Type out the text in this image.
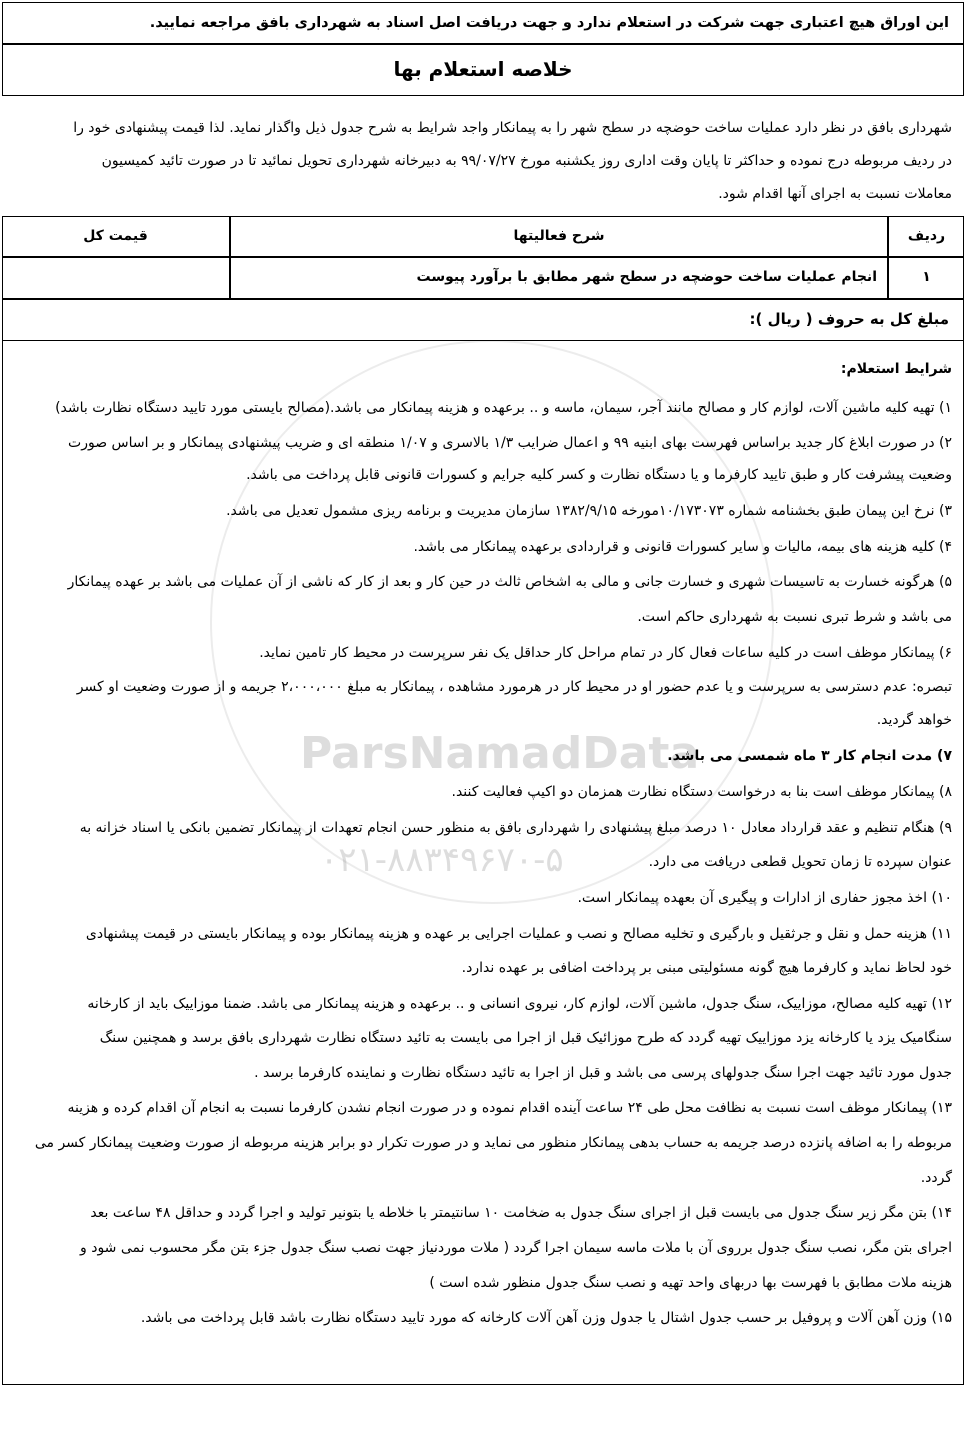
ParsNamadData
۰۲۱-۸۸۳۴۹۶۷۰-۵
این اوراق هیچ اعتباری جهت شرکت در استعلام ندارد و جهت دریافت اصل اسناد به شهرداری بافق مراجعه نمایید.
خلاصه استعلام بها
شهرداری بافق در نظر دارد عملیات ساخت حوضچه در سطح شهر را به پیمانکار واجد شرایط به شرح جدول ذیل واگذار نماید. لذا قیمت پیشنهادی خود را
در ردیف مربوطه درج نموده و حداکثر تا پایان وقت اداری روز یکشنبه مورخ ۹۹/۰۷/۲۷ به دبیرخانه شهرداری تحویل نمائید تا در صورت تائید کمیسیون
معاملات نسبت به اجرای آنها اقدام شود.
ردیف
شرح فعالیتها
قیمت کل
۱
انجام عملیات ساخت حوضچه در سطح شهر مطابق با برآورد پیوست
مبلغ کل به حروف ( ریال ):
شرایط استعلام:
۱) تهیه کلیه ماشین آلات، لوازم کار و مصالح مانند آجر، سیمان، ماسه و .. برعهده و هزینه پیمانکار می باشد.(مصالح بایستی مورد تایید دستگاه نظارت باشد)
۲) در صورت ابلاغ کار جدید براساس فهرست بهای ابنیه ۹۹ و اعمال ضرایب ۱/۳ بالاسری و ۱/۰۷ منطقه ای و ضریب پیشنهادی پیمانکار و بر اساس صورت
وضعیت پیشرفت کار و طبق تایید کارفرما و یا دستگاه نظارت و کسر کلیه جرایم و کسورات قانونی قابل پرداخت می باشد.
۳) نرخ این پیمان طبق بخشنامه شماره ۱۰/۱۷۳۰۷۳مورخه ۱۳۸۲/۹/۱۵ سازمان مدیریت و برنامه ریزی مشمول تعدیل می باشد.
۴) کلیه هزینه های بیمه، مالیات و سایر کسورات قانونی و قراردادی برعهده پیمانکار می باشد.
۵) هرگونه خسارت به تاسیسات شهری و خسارت جانی و مالی به اشخاص ثالث در حین کار و بعد از کار که ناشی از آن عملیات می باشد بر عهده پیمانکار
می باشد و شرط تبری نسبت به شهرداری حاکم است.
۶) پیمانکار موظف است در کلیه ساعات فعال کار در تمام مراحل کار حداقل یک نفر سرپرست در محیط کار تامین نماید.
تبصره: عدم دسترسی به سرپرست و یا عدم حضور او در محیط کار در هرمورد مشاهده ، پیمانکار به مبلغ ۲،۰۰۰،۰۰۰ جریمه و از صورت وضعیت او کسر
خواهد گردید.
۷) مدت انجام کار ۳ ماه شمسی می باشد.
۸) پیمانکار موظف است بنا به درخواست دستگاه نظارت همزمان دو اکیپ فعالیت کنند.
۹) هنگام تنظیم و عقد قرارداد معادل ۱۰ درصد مبلغ پیشنهادی را شهرداری بافق به منظور حسن انجام تعهدات از پیمانکار تضمین بانکی یا اسناد خزانه به
عنوان سپرده تا زمان تحویل قطعی دریافت می دارد.
۱۰) اخذ مجوز حفاری از ادارات و پیگیری آن بعهده پیمانکار است.
۱۱) هزینه حمل و نقل و جرثقیل و بارگیری و تخلیه مصالح و نصب و عملیات اجرایی بر عهده و هزینه پیمانکار بوده و پیمانکار بایستی در قیمت پیشنهادی
خود لحاظ نماید و کارفرما هیچ گونه مسئولیتی مبنی بر پرداخت اضافی بر عهده ندارد.
۱۲) تهیه کلیه مصالح، موزاییک، سنگ جدول، ماشین آلات، لوازم کار، نیروی انسانی و .. برعهده و هزینه پیمانکار می باشد. ضمنا موزاییک باید از کارخانه
سنگامیک یزد یا کارخانه یزد موزاییک تهیه گردد که طرح موزائیک قبل از اجرا می بایست به تائید دستگاه نظارت شهرداری بافق برسد و همچنین سنگ
جدول مورد تائید جهت اجرا سنگ جدولهای پرسی می باشد و قبل از اجرا به تائید دستگاه نظارت و نماینده کارفرما برسد .
۱۳) پیمانکار موظف است نسبت به نظافت محل طی ۲۴ ساعت آینده اقدام نموده و در صورت انجام نشدن کارفرما نسبت به انجام آن اقدام کرده و هزینه
مربوطه را به اضافه پانزده درصد جریمه به حساب بدهی پیمانکار منظور می نماید و در صورت تکرار دو برابر هزینه مربوطه از صورت وضعیت پیمانکار کسر می
گردد.
۱۴) بتن مگر زیر سنگ جدول می بایست قبل از اجرای سنگ جدول به ضخامت ۱۰ سانتیمتر با خلاطه یا بتونیر تولید و اجرا گردد و حداقل ۴۸ ساعت بعد
اجرای بتن مگر، نصب سنگ جدول برروی آن با ملات ماسه سیمان اجرا گردد ( ملات موردنیاز جهت نصب سنگ جدول جزء بتن مگر محسوب نمی شود و
هزینه ملات مطابق با فهرست بها دربهای واحد تهیه و نصب سنگ جدول منظور شده است )
۱۵) وزن آهن آلات و پروفیل بر حسب جدول اشتال یا جدول وزن آهن آلات کارخانه که مورد تایید دستگاه نظارت باشد قابل پرداخت می باشد.
